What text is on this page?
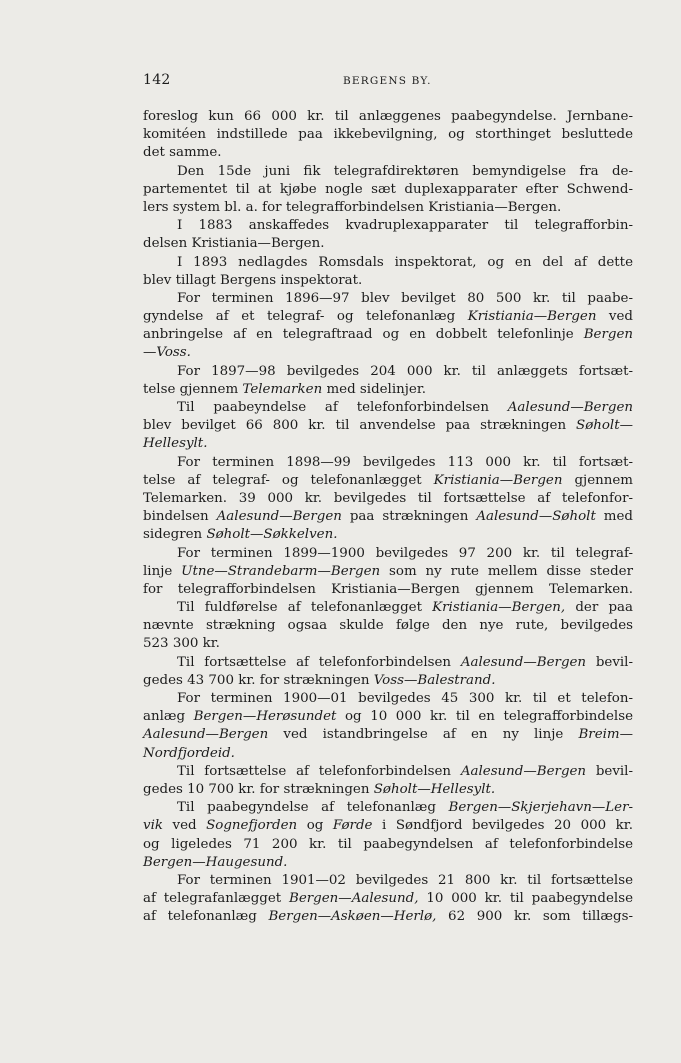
142	BERGENS BY.
foreslog kun 66 000 kr. til anlæggenes paabegyndelse. Jernbane-
komitéen indstillede paa ikkebevilgning, og storthinget besluttede
det samme.
Den 15de juni fik telegrafdirektøren bemyndigelse fra de-
partementet til at kjøbe nogle sæt duplexapparater efter Schwend-
lers system bl. a. for telegrafforbindelsen Kristiania—Bergen.
I 1883 anskaffedes kvadruplexapparater til telegrafforbin-
delsen Kristiania—Bergen.
I 1893 nedlagdes Romsdals inspektorat, og en del af dette
blev tillagt Bergens inspektorat.
For terminen 1896—97 blev bevilget 80 500 kr. til paabe-
gyndelse af et telegraf- og telefonanlæg Kristiania—Bergen ved
anbringelse af en telegraftraad og en dobbelt telefonlinje Bergen
—Voss.
For 1897—98 bevilgedes 204 000 kr. til anlæggets fortsæt-
telse gjennem Telemarken med sidelinjer.
Til paabeyndelse af telefonforbindelsen Aalesund—Bergen
blev bevilget 66 800 kr. til anvendelse paa strækningen Søholt—
Hellesylt.
For terminen 1898—99 bevilgedes 113 000 kr. til fortsæt-
telse af telegraf- og telefonanlægget Kristiania—Bergen gjennem
Telemarken. 39 000 kr. bevilgedes til fortsættelse af telefonfor-
bindelsen Aalesund—Bergen paa strækningen Aalesund—Søholt med
sidegren Søholt—Søkkelven.
For terminen 1899—1900 bevilgedes 97 200 kr. til telegraf-
linje Utne—Strandebarm—Bergen som ny rute mellem disse steder
for telegrafforbindelsen Kristiania—Bergen gjennem Telemarken.
Til fuldførelse af telefonanlægget Kristiania—Bergen, der paa
nævnte strækning ogsaa skulde følge den nye rute, bevilgedes
523 300 kr.
Til fortsættelse af telefonforbindelsen Aalesund—Bergen bevil-
gedes 43 700 kr. for strækningen Voss—Balestrand.
For terminen 1900—01 bevilgedes 45 300 kr. til et telefon-
anlæg Bergen—Herøsundet og 10 000 kr. til en telegrafforbindelse
Aalesund—Bergen ved istandbringelse af en ny linje Breim—
Nordfjordeid.
Til fortsættelse af telefonforbindelsen Aalesund—Bergen bevil-
gedes 10 700 kr. for strækningen Søholt—Hellesylt.
Til paabegyndelse af telefonanlæg Bergen—Skjerjehavn—Ler-
vik ved Sognefjorden og Førde i Søndfjord bevilgedes 20 000 kr.
og ligeledes 71 200 kr. til paabegyndelsen af telefonforbindelse
Bergen—Haugesund.
For terminen 1901—02 bevilgedes 21 800 kr. til fortsættelse
af telegrafanlægget Bergen—Aalesund, 10 000 kr. til paabegyndelse
af telefonanlæg Bergen—Askøen—Herlø, 62 900 kr. som tillægs-
